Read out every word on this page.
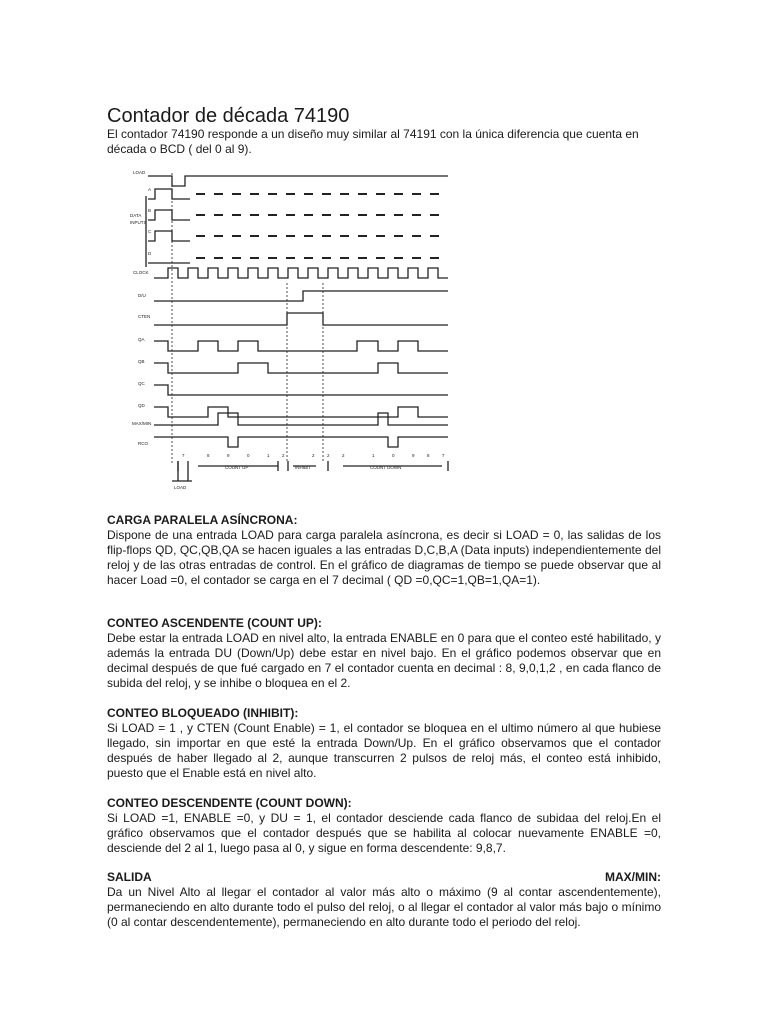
Contador de década 74190
El contador 74190 responde a un diseño muy similar al 74191 con la única diferencia que cuenta en década o BCD ( del 0 al 9).
LOAD
A
B
C
D
DATA
INPUTS
CLOCK
D/U
CTEN
QA
QB
QC
QD
MAX/MIN
RCO
7	8	9	0	1	2	2	2	2	1	0	9	8	7
COUNT UP	INHIBIT	COUNT DOWN
LOAD
CARGA PARALELA ASÍNCRONA:

Dispone de una entrada LOAD para carga paralela asíncrona, es decir si LOAD = 0, las salidas de los flip-flops QD, QC,QB,QA se hacen iguales a las entradas D,C,B,A (Data inputs) independientemente del reloj y de las otras entradas de control. En el gráfico de diagramas de tiempo se puede observar que al hacer Load =0, el contador se carga en el 7 decimal ( QD =0,QC=1,QB=1,QA=1).

CONTEO ASCENDENTE (COUNT UP):

Debe estar la entrada LOAD en nivel alto, la entrada ENABLE en 0 para que el conteo esté habilitado, y además la entrada DU (Down/Up) debe estar en nivel bajo. En el gráfico podemos observar que en decimal después de que fué cargado en 7 el contador cuenta en decimal : 8, 9,0,1,2 , en cada flanco de subida del reloj, y se inhibe o bloquea en el 2.

CONTEO BLOQUEADO (INHIBIT):

Si LOAD = 1 , y CTEN (Count Enable) = 1, el contador se bloquea en el ultimo número al que hubiese llegado, sin importar en que esté la entrada Down/Up. En el gráfico observamos que el contador después de haber llegado al 2, aunque transcurren 2 pulsos de reloj más, el conteo está inhibido, puesto que el Enable está en nivel alto.

CONTEO DESCENDENTE (COUNT DOWN):

Si LOAD =1, ENABLE =0, y DU = 1, el contador desciende cada flanco de subidaa del reloj.En el gráfico observamos que el contador después que se habilita al colocar nuevamente ENABLE =0, desciende del 2 al 1, luego pasa al 0, y sigue en forma descendente: 9,8,7.

SALIDA	MAX/MIN:

Da un Nivel Alto al llegar el contador al valor más alto o máximo (9 al contar ascendentemente), permaneciendo en alto durante todo el pulso del reloj, o al llegar el contador al valor más bajo o mínimo (0 al contar descendentemente), permaneciendo en alto durante todo el periodo del reloj.
